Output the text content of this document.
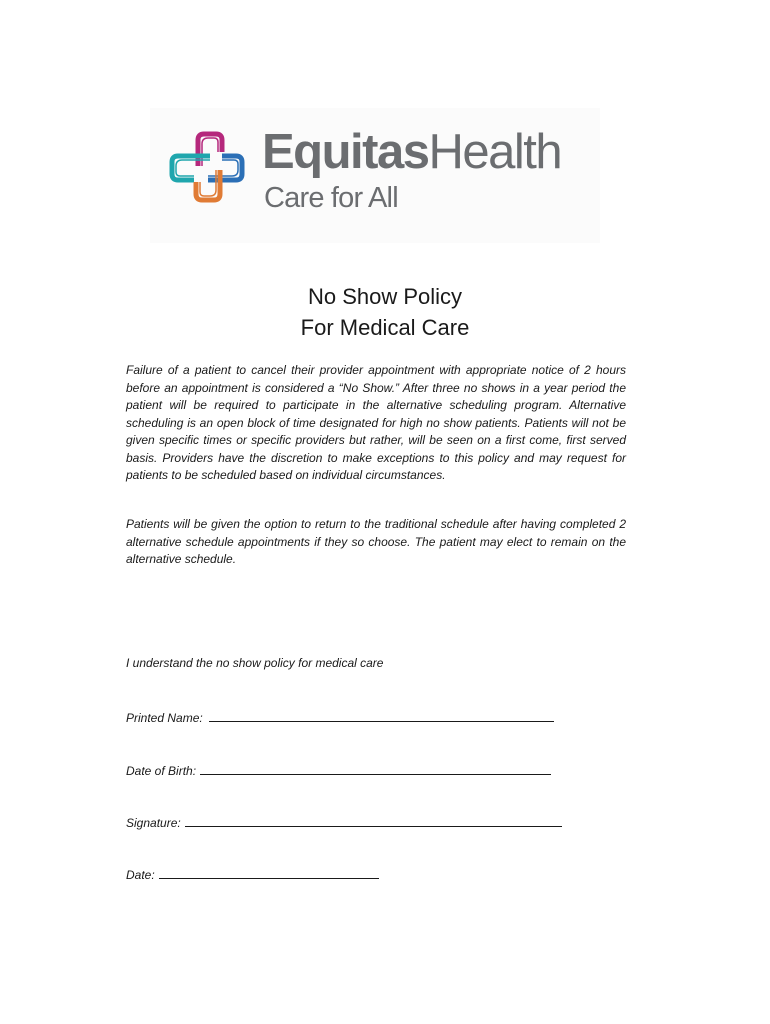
EquitasHealth
Care for All
No Show Policy
For Medical Care

Failure of a patient to cancel their provider appointment with appropriate notice of 2 hours before an appointment is considered a “No Show.” After three no shows in a year period the patient will be required to participate in the alternative scheduling program. Alternative scheduling is an open block of time designated for high no show patients. Patients will not be given specific times or specific providers but rather, will be seen on a first come, first served basis. Providers have the discretion to make exceptions to this policy and may request for patients to be scheduled based on individual circumstances.

Patients will be given the option to return to the traditional schedule after having completed 2 alternative schedule appointments if they so choose. The patient may elect to remain on the alternative schedule.

I understand the no show policy for medical care

Printed Name:
Date of Birth:
Signature:
Date:
